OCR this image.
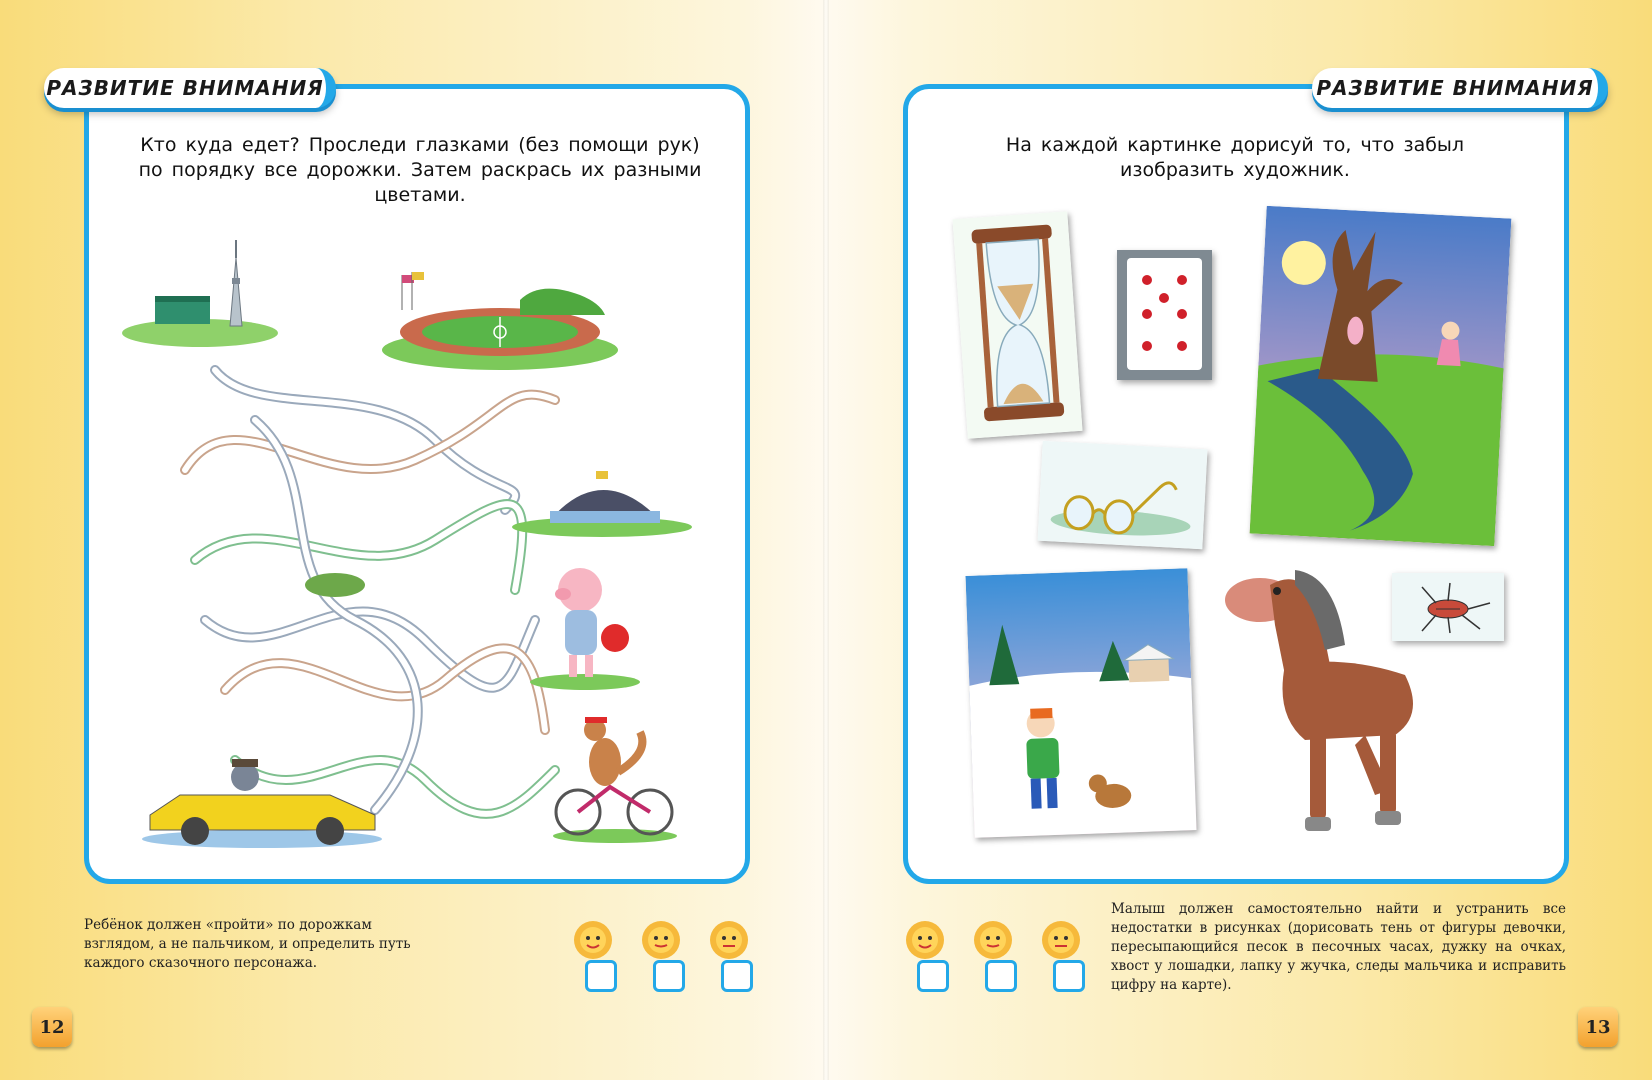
РАЗВИТИЕ ВНИМАНИЯ
Кто куда едет? Проследи глазками (без помощи рук) по порядку все дорожки. Затем раскрась их разными цветами.
Ребёнок должен «пройти» по дорожкам взглядом, а не пальчиком, и определить путь каждого сказочного персонажа.
12
РАЗВИТИЕ ВНИМАНИЯ
На каждой картинке дорисуй то, что забыл изобразить художник.
Малыш должен самостоятельно найти и устранить все недостатки в рисунках (дорисовать тень от фигуры девочки, пересыпающийся песок в песочных часах, дужку на очках, хвост у лошадки, лапку у жучка, следы мальчика и исправить цифру на карте).
13
